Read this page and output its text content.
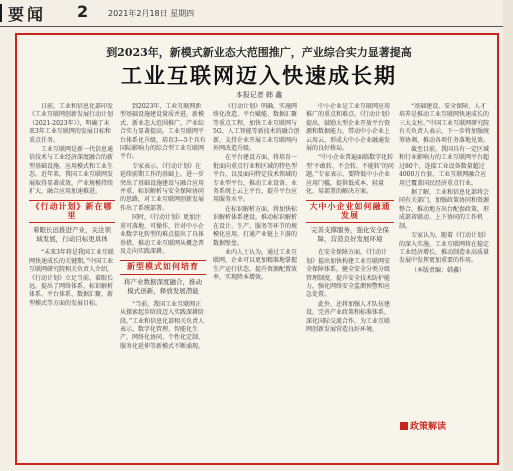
要闻 2 2021年2月18日 星期四
到2023年，新模式新业态大范围推广，产业综合实力显著提高
工业互联网迈入快速成长期
本报记者 韩 鑫

日前，工业和信息化部印发《工业互联网创新发展行动计划（2021-2023年）》，明确了未来3年工业互联网的发展目标和重点任务。

工业互联网是新一代信息通信技术与工业经济深度融合的新型基础设施、应用模式和工业生态。近年来，我国工业互联网发展取得显著成效，产业规模持续扩大，融合应用加速推进。

《行动计划》新在哪里
着眼长远推进产业，关注领域发展，行动目标更具体

“未来3年将是我国工业互联网快速成长的关键期。”中国工业互联网研究院相关负责人介绍，《行动计划》立足当前、着眼长远，提出了网络体系、标识解析体系、平台体系、数据汇聚、新型模式等方面的发展目标。

到2023年，工业互联网新型基础设施建设量质并进，新模式、新业态大范围推广，产业综合实力显著提高。工业互联网平台体系化升级，培育3—5个具有国际影响力的综合型工业互联网平台。

专家表示，《行动计划》在延续前期工作的基础上，进一步突出了基础设施建设与融合应用并重、标识解析与安全保障协同的思路，对工业互联网创新发展作出了系统部署。

同时，《行动计划》更加注重可落地、可操作，针对中小企业数字化转型的难点提出了具体举措，推动工业互联网从概念普及走向实践深耕。

新型模式如何培育
将产业数据深度融合，推动模式创新，释放发展潜能

“当前，我国工业互联网正从探索起步阶段迈入实践深耕阶段。”工业和信息化部相关负责人表示，数字化管理、智能化生产、网络化协同、个性化定制、服务化延伸等新模式不断涌现。

《行动计划》明确，实施网络化改造、平台赋能、数据汇聚等重点工程，加快工业互联网与5G、人工智能等新技术的融合创新，支持企业开展工业互联网内外网改造升级。

在平台建设方面，将培育一批面向重点行业和区域的特色型平台，以及面向特定技术领域的专业型平台，推动工业设备、业务系统上云上平台，提升平台应用服务水平。

在标识解析方面，将加快标识解析体系建设，推动标识解析在设计、生产、服务等环节的规模化应用，打通产业链上下游的数据壁垒。

业内人士认为，通过工业互联网，企业可以更加精准地掌握生产运行状态，提升资源配置效率，实现降本增效。

中小企业是工业互联网应用推广的重点和难点。《行动计划》提出，鼓励大型企业开放平台资源和数据能力，带动中小企业上云用云，形成大中小企业融通发展的良好格局。

“中小企业普遍面临数字化转型‘不敢转、不会转、不能转’的问题。”专家表示，要降低中小企业应用门槛，提供低成本、轻量化、易部署的解决方案。

大中小企业如何融通发展
完善支撑服务，强化安全保障，营造良好发展环境

在安全保障方面，《行动计划》提出加快构建工业互联网安全保障体系，健全安全分类分级管理制度，提升安全技术防护能力，强化网络安全监测预警和应急处置。

此外，还将加强人才队伍建设，完善产业政策和标准体系，深化国际交流合作，为工业互联网创新发展营造良好环境。

“基础建设、安全保障、人才培养是推动工业互联网快速成长的三大支柱。”中国工业互联网研究院有关负责人表示，下一步将加强统筹协调，推动各项任务落地见效。

截至目前，我国具有一定区域和行业影响力的工业互联网平台超过80个，连接工业设备数量超过4000万台套，工业互联网融合应用已覆盖国民经济重点行业。

据了解，工业和信息化部将会同有关部门，加强政策协同和资源整合，推动地方出台配套政策，形成部省联动、上下协同的工作机制。

专家认为，随着《行动计划》的深入实施，工业互联网将在稳定工业经济增长、推动制造业高质量发展中发挥更加重要的作用。

（本版责编：韩鑫）

政策解读
